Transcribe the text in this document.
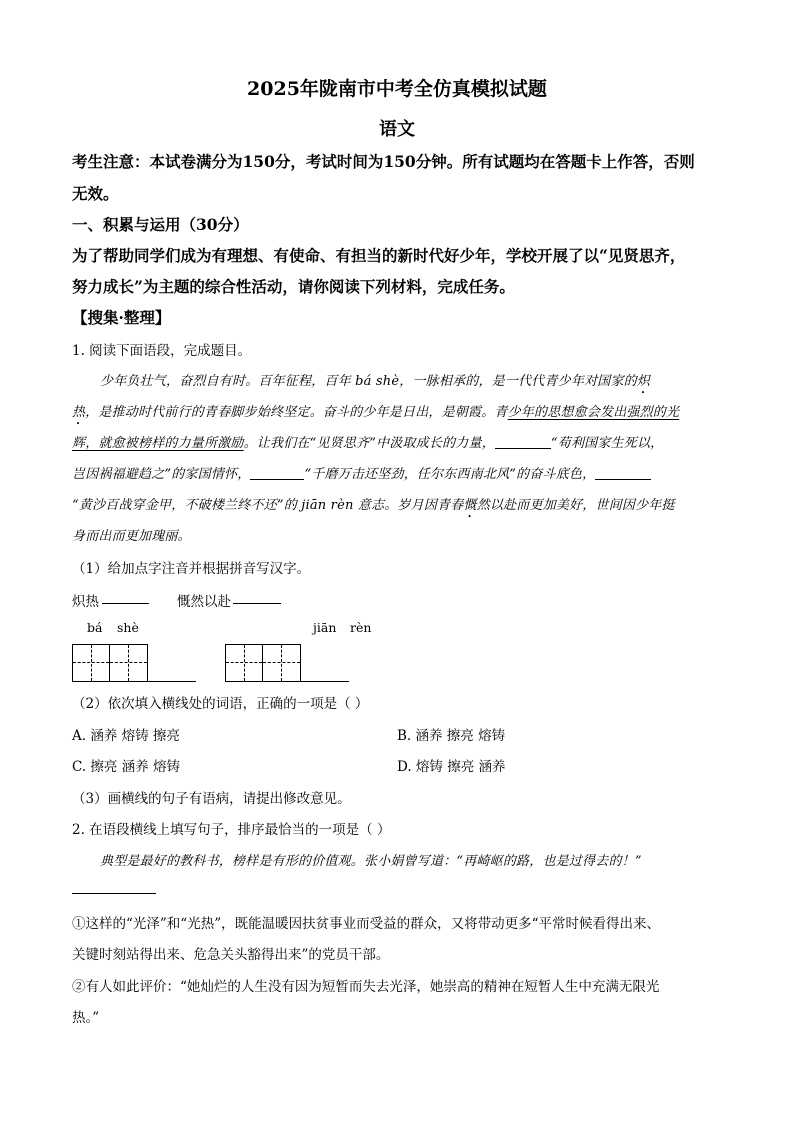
2025年陇南市中考全仿真模拟试题
语文
考生注意：本试卷满分为150分，考试时间为150分钟。所有试题均在答题卡上作答，否则
无效。
一、积累与运用（30分）
为了帮助同学们成为有理想、有使命、有担当的新时代好少年，学校开展了以“见贤思齐，
努力成长”为主题的综合性活动，请你阅读下列材料，完成任务。
【搜集·整理】
1. 阅读下面语段，完成题目。
少年负壮气，奋烈自有时。百年征程，百年 bá shè，一脉相承的，是一代代青少年对国家的炽
热，是推动时代前行的青春脚步始终坚定。奋斗的少年是日出，是朝霞。青少年的思想愈会发出强烈的光
辉，就愈被榜样的力量所激励。让我们在“见贤思齐”中汲取成长的力量，	“苟利国家生死以，
岂因祸福避趋之”的家国情怀，	“千磨万击还坚劲，任尔东西南北风”的奋斗底色，
“黄沙百战穿金甲，不破楼兰终不还”的 jiān rèn 意志。岁月因青春慨然以赴而更加美好，世间因少年挺
身而出而更加瑰丽。
（1）给加点字注音并根据拼音写汉字。
炽热	慨然以赴
bá shè	jiān rèn
（2）依次填入横线处的词语，正确的一项是（ ）
A. 涵养 熔铸 擦亮	B. 涵养 擦亮 熔铸
C. 擦亮 涵养 熔铸	D. 熔铸 擦亮 涵养
（3）画横线的句子有语病，请提出修改意见。
2. 在语段横线上填写句子，排序最恰当的一项是（ ）
典型是最好的教科书，榜样是有形的价值观。张小娟曾写道：“再崎岖的路，也是过得去的！”
①这样的“光泽”和“光热”，既能温暖因扶贫事业而受益的群众，又将带动更多“平常时候看得出来、
关键时刻站得出来、危急关头豁得出来”的党员干部。
②有人如此评价：“她灿烂的人生没有因为短暂而失去光泽，她崇高的精神在短暂人生中充满无限光
热。”
